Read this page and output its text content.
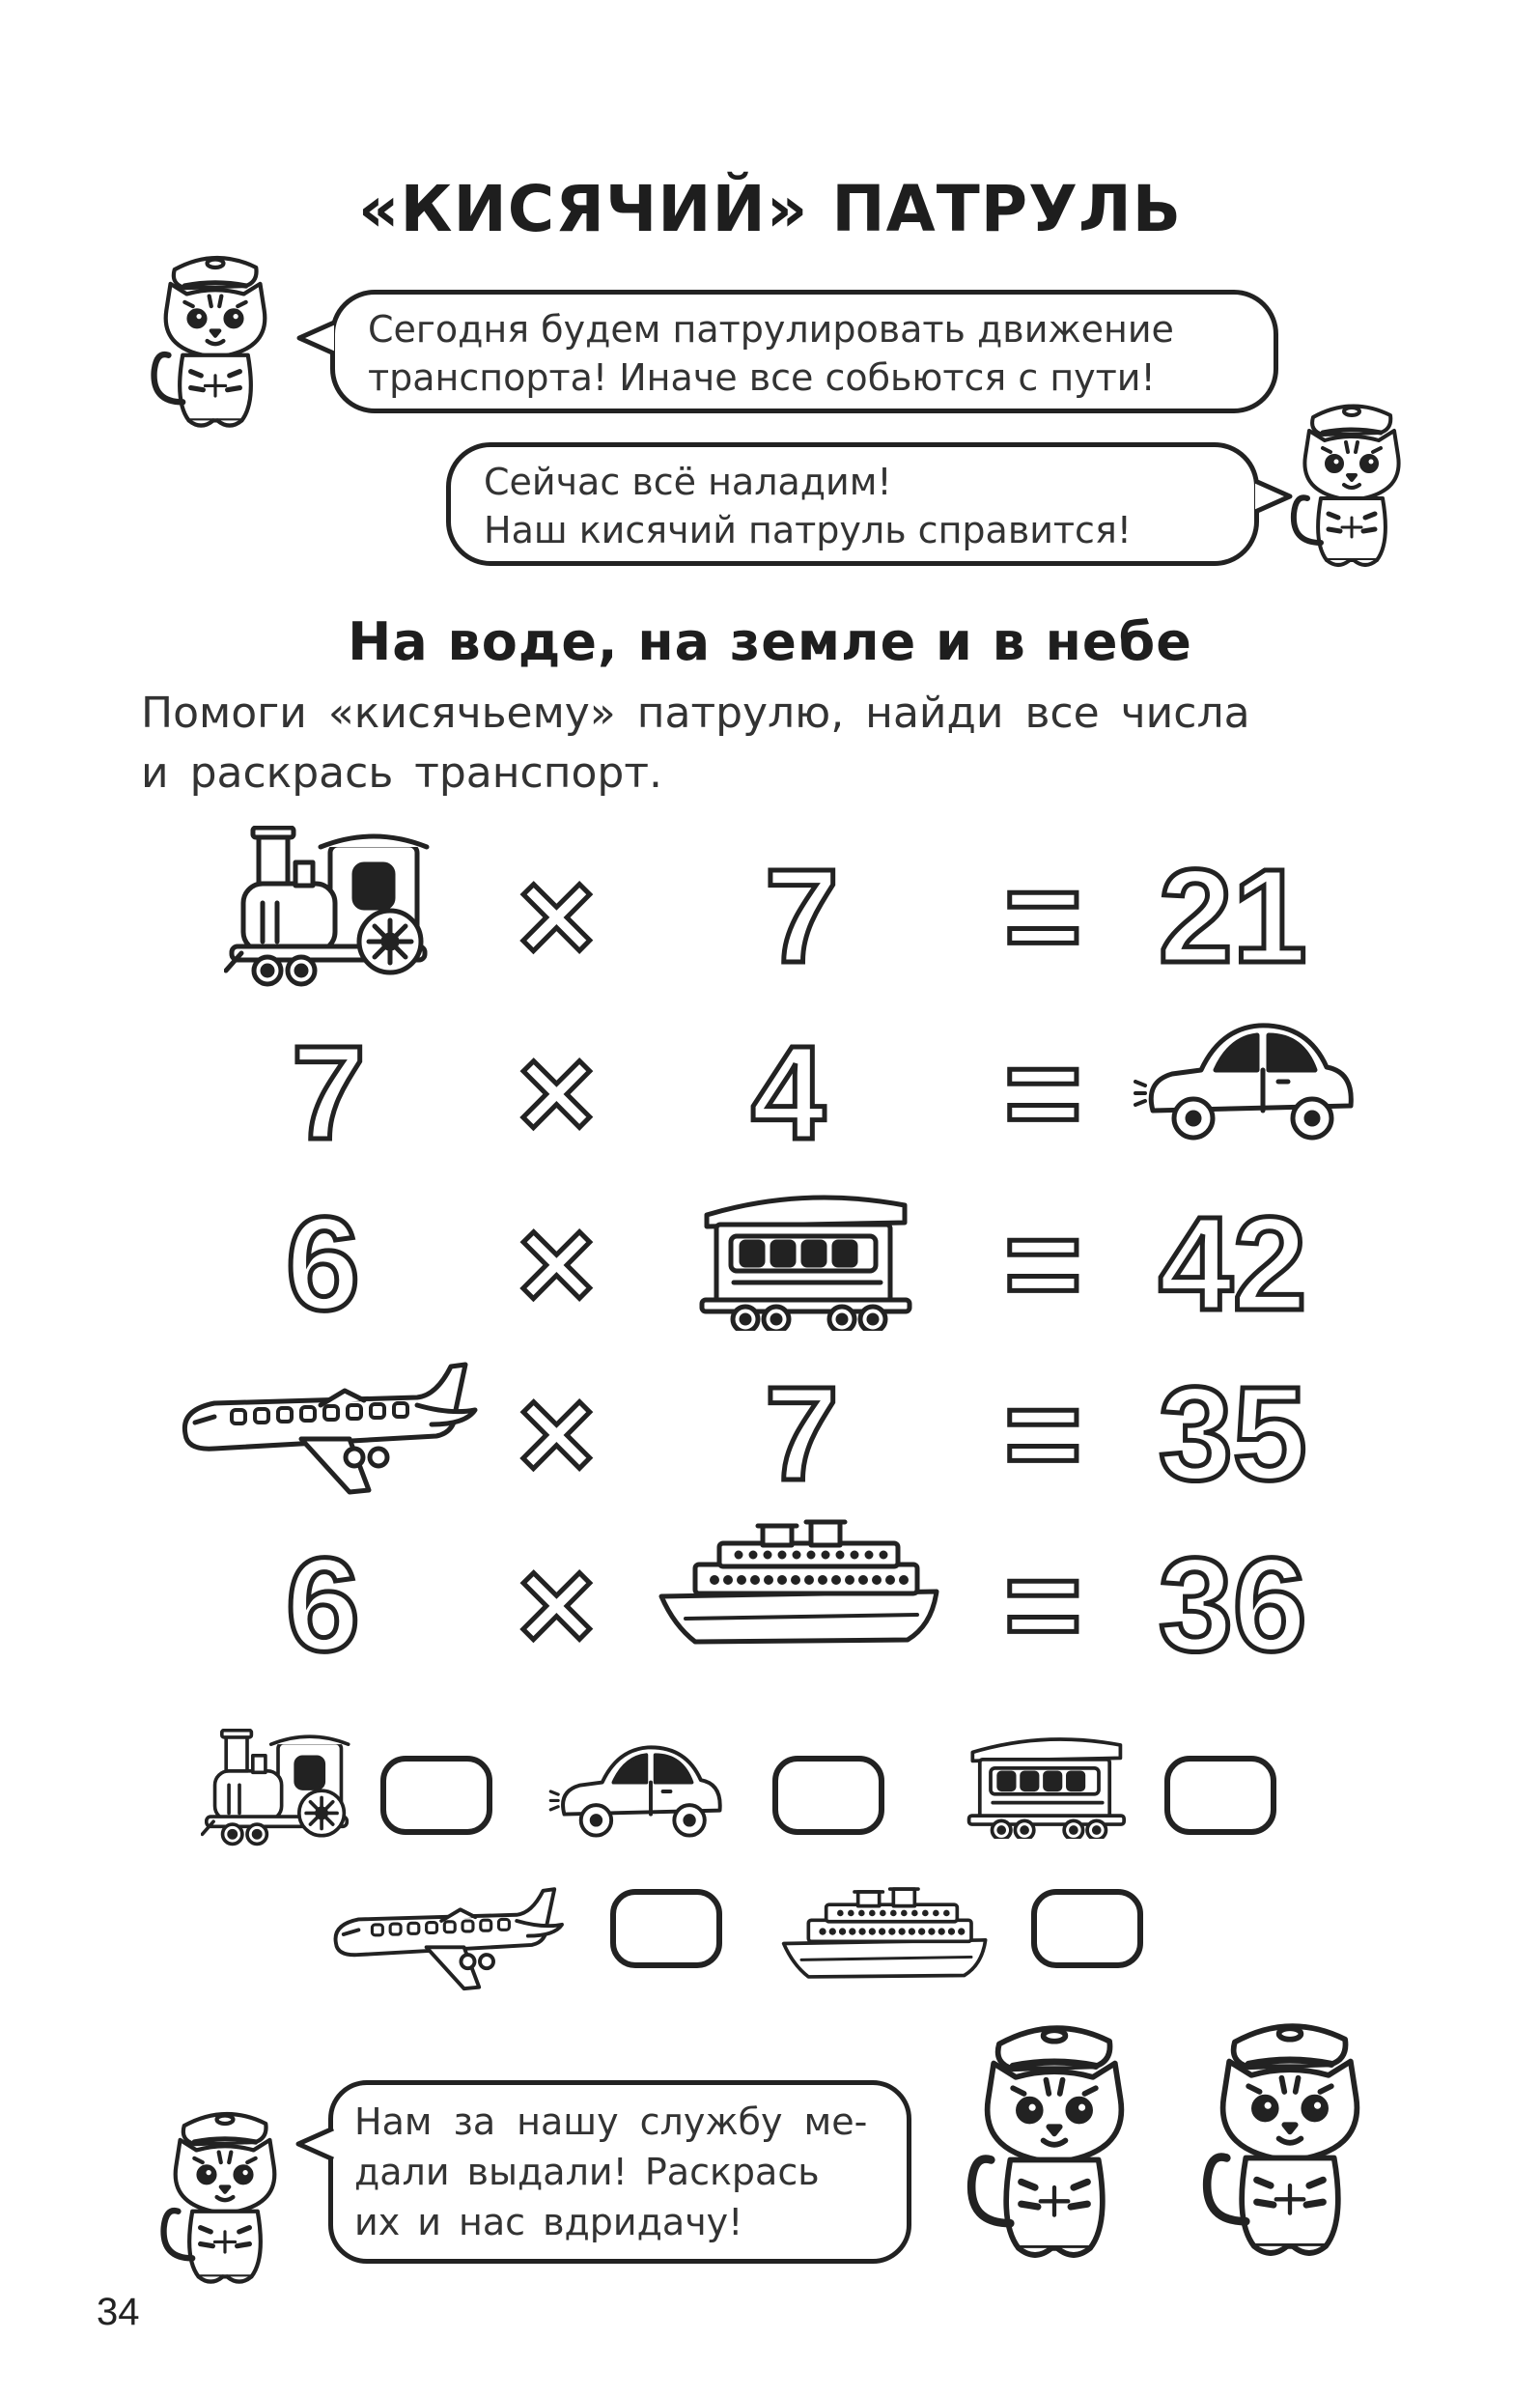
«КИСЯЧИЙ» ПАТРУЛЬ
Сегодня будем патрулировать движение
транспорта! Иначе все собьются с пути!
Сейчас всё наладим!
Наш кисячий патруль справится!
На воде, на земле и в небе
Помоги «кисячьему» патрулю, найди все числа
и раскрась транспорт.
× 7 = 21
7 × 4 =
6 ×	= 42
× 7 = 35
6 ×	= 36
Нам за нашу службу ме-
дали выдали! Раскрась
их и нас вдридачу!
34
